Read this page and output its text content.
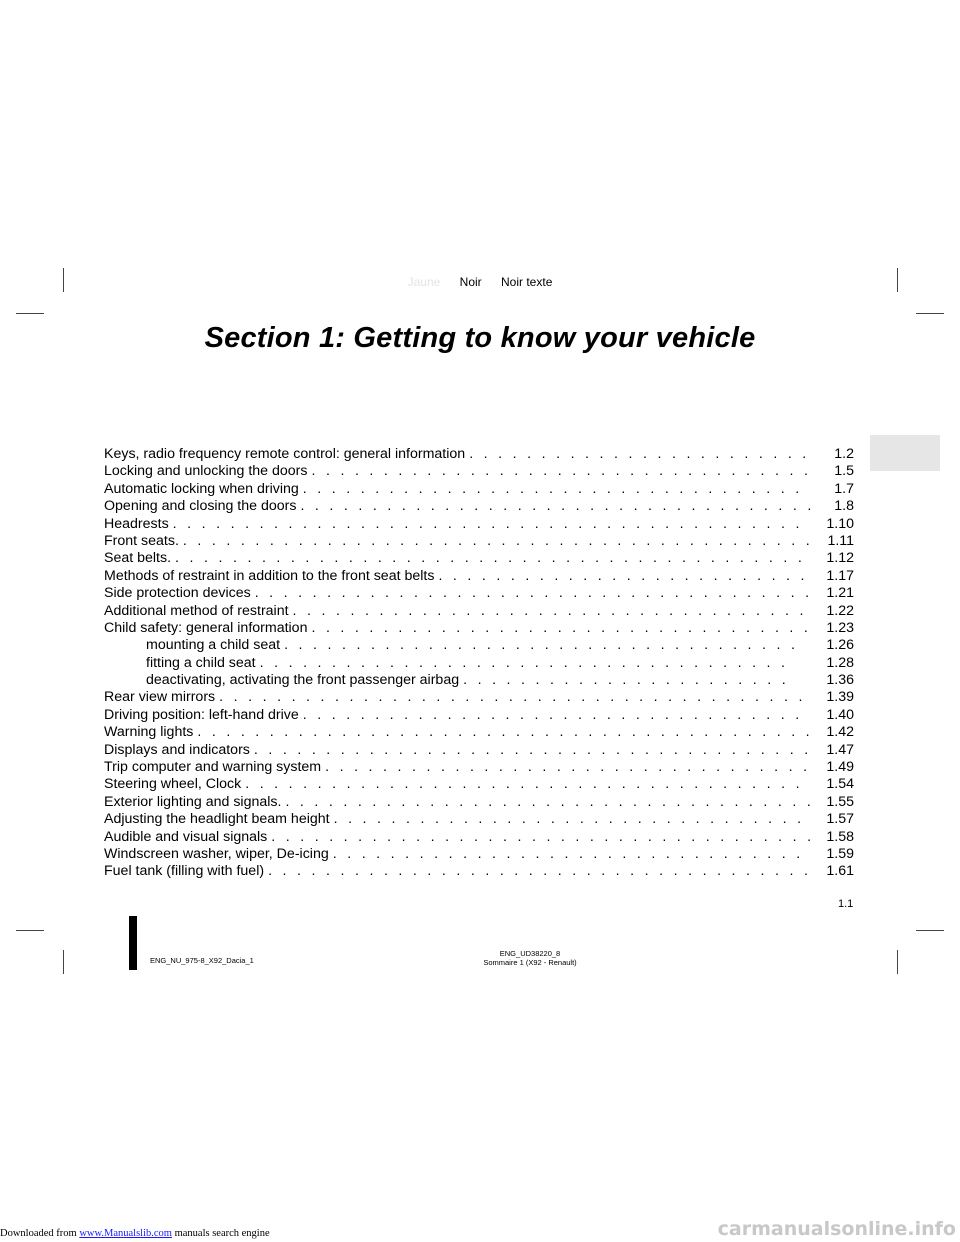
Jaune Noir Noir texte
Section 1: Getting to know your vehicle
Keys, radio frequency remote control: general information . . .	1.2
Locking and unlocking the doors . . .	1.5
Automatic locking when driving . . .	1.7
Opening and closing the doors . . .	1.8
Headrests . . .	1.10
Front seats. . . .	1.11
Seat belts. . . .	1.12
Methods of restraint in addition to the front seat belts . . .	1.17
Side protection devices . . .	1.21
Additional method of restraint . . .	1.22
Child safety: general information . . .	1.23
mounting a child seat . . .	1.26
fitting a child seat . . .	1.28
deactivating, activating the front passenger airbag . . .	1.36
Rear view mirrors . . .	1.39
Driving position: left-hand drive . . .	1.40
Warning lights . . .	1.42
Displays and indicators . . .	1.47
Trip computer and warning system . . .	1.49
Steering wheel, Clock . . .	1.54
Exterior lighting and signals. . . .	1.55
Adjusting the headlight beam height . . .	1.57
Audible and visual signals . . .	1.58
Windscreen washer, wiper, De-icing . . .	1.59
Fuel tank (filling with fuel) . . .	1.61
1.1
ENG_NU_975-8_X92_Dacia_1
ENG_UD38220_8
Sommaire 1 (X92 - Renault)
Downloaded from www.Manualslib.com manuals search engine	carmanualsonline.info
